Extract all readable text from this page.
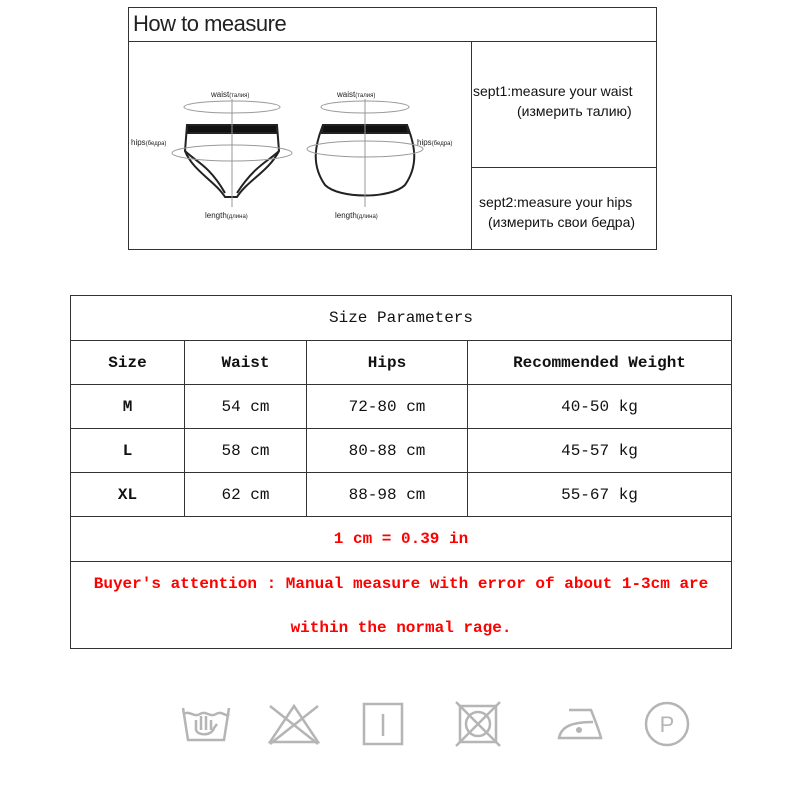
How to measure
waist(талия)	waist(талия)
hips(бедра)	hips(бедра)
length(длина)	length(длина)
sept1:measure your waist
(измерить талию)
sept2:measure your hips
(измерить свои бедра)
Size Parameters
Size	Waist	Hips	Recommended Weight
M	54 cm	72-80 cm	40-50 kg
L	58 cm	80-88 cm	45-57 kg
XL	62 cm	88-98 cm	55-67 kg
1 cm = 0.39 in
Buyer's attention : Manual measure with error of about 1-3cm are
within the normal rage.
P
